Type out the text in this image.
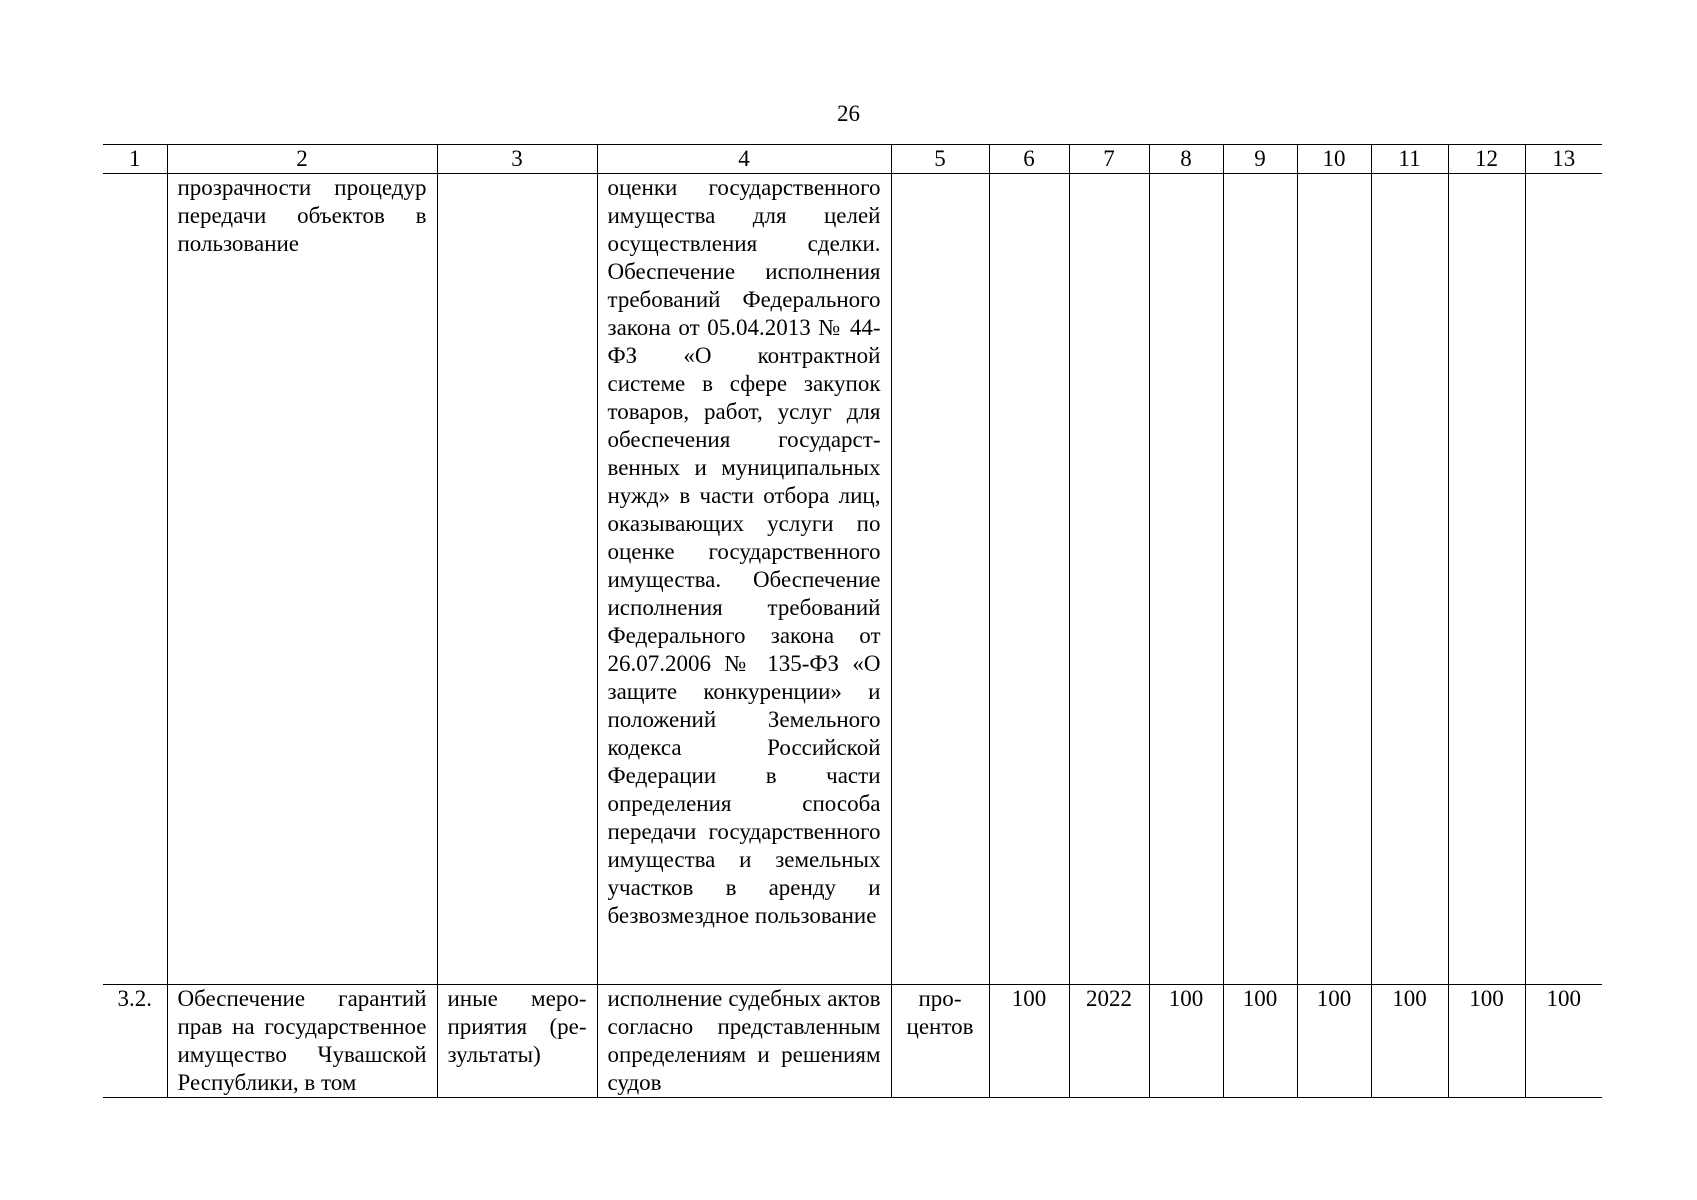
26
1	2	3	4	5	6	7	8	9	10	11	12	13
	прозрачности процедур передачи объектов в пользование		оценки государственного имущества для целей осуществления сделки. Обеспечение исполнения требований Федерального закона от 05.04.2013 № 44-ФЗ «О контрактной системе в сфере закупок товаров, работ, услуг для обеспечения государственных и муниципальных нужд» в части отбора лиц, оказывающих услуги по оценке государственного имущества. Обеспечение исполнения требований Федерального закона от 26.07.2006 № 135-ФЗ «О защите конкуренции» и положений Земельного кодекса Российской Федерации в части определения способа передачи государственного имущества и земельных участков в аренду и безвозмездное пользование									
3.2.	Обеспечение гарантий прав на государственное имущество Чувашской Республики, в том	иные мероприятия (результаты)	исполнение судебных актов согласно представленным определениям и решениям судов	процентов	100	2022	100	100	100	100	100	100
